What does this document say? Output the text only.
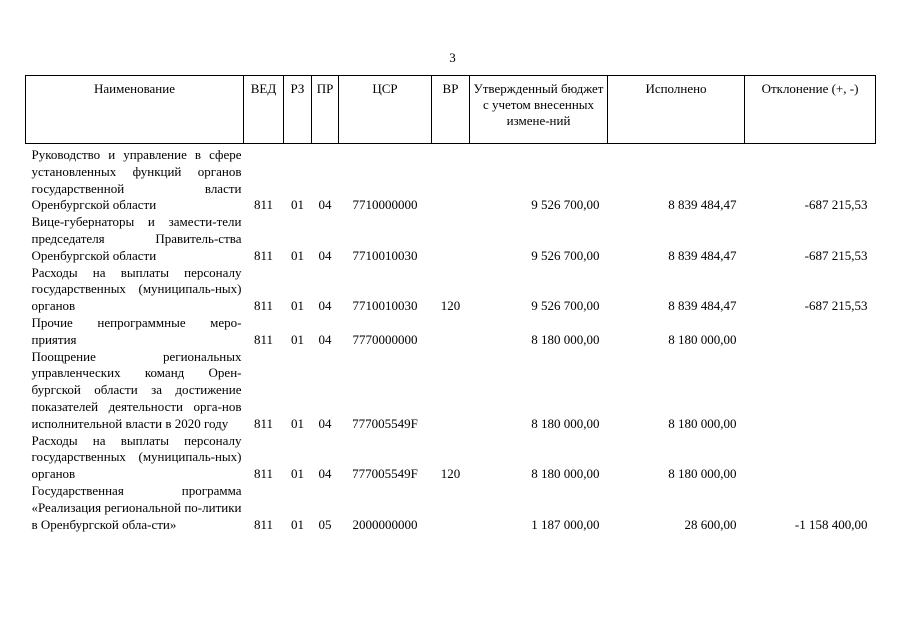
3
Наименование	ВЕД	РЗ	ПР	ЦСР	ВР	Утвержденный бюджет с учетом внесенных измене-ний	Исполнено	Отклонение (+, -)
Руководство и управление в сфере установленных функций органов государственной власти Оренбургской области	811	01	04	7710000000		9 526 700,00	8 839 484,47	-687 215,53
Вице-губернаторы и замести-тели председателя Правитель-ства Оренбургской области	811	01	04	7710010030		9 526 700,00	8 839 484,47	-687 215,53
Расходы на выплаты персоналу государственных (муниципаль-ных) органов	811	01	04	7710010030	120	9 526 700,00	8 839 484,47	-687 215,53
Прочие непрограммные меро-приятия	811	01	04	7770000000		8 180 000,00	8 180 000,00	
Поощрение региональных управленческих команд Орен-бургской области за достижение показателей деятельности орга-нов исполнительной власти в 2020 году	811	01	04	777005549F		8 180 000,00	8 180 000,00	
Расходы на выплаты персоналу государственных (муниципаль-ных) органов	811	01	04	777005549F	120	8 180 000,00	8 180 000,00	
Государственная программа «Реализация региональной по-литики в Оренбургской обла-сти»	811	01	05	2000000000		1 187 000,00	28 600,00	-1 158 400,00
